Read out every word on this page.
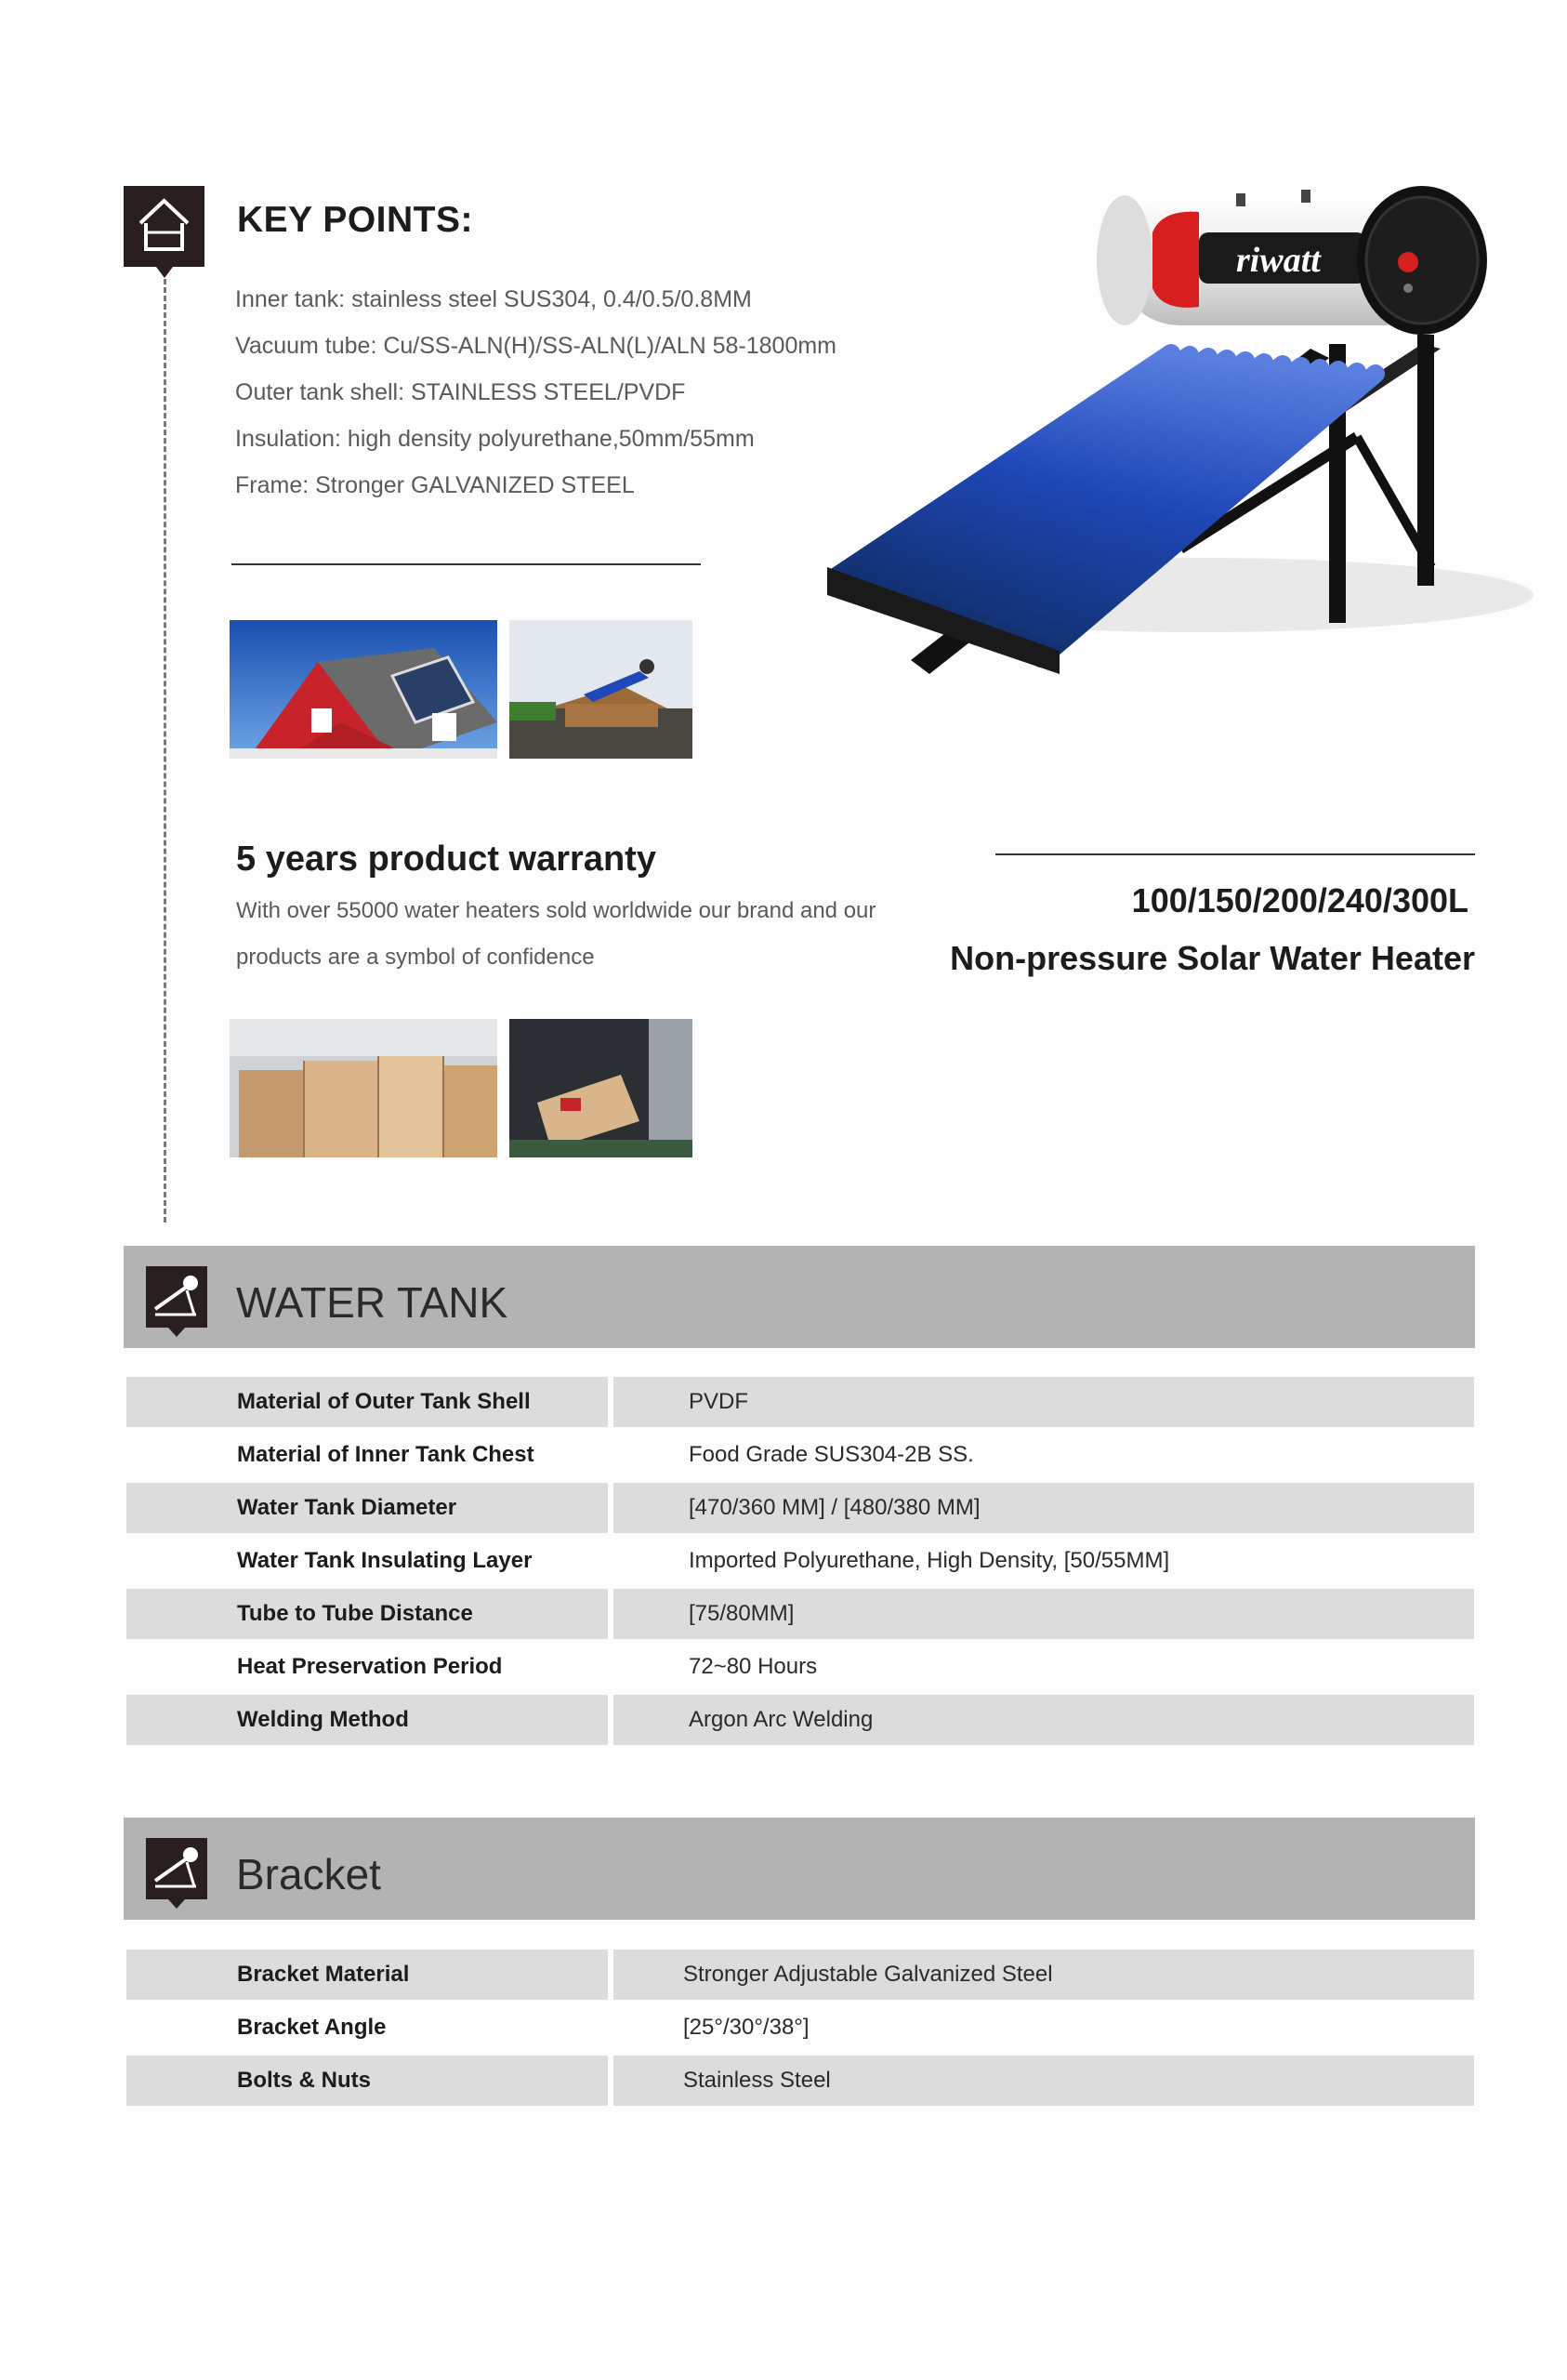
KEY POINTS:
Inner tank: stainless steel SUS304, 0.4/0.5/0.8MM
Vacuum tube: Cu/SS-ALN(H)/SS-ALN(L)/ALN 58-1800mm
Outer tank shell: STAINLESS STEEL/PVDF
Insulation: high density polyurethane,50mm/55mm
Frame: Stronger GALVANIZED STEEL
5 years product warranty
With over 55000 water heaters sold worldwide our brand and our products are a symbol of confidence
riwatt
100/150/200/240/300L
Non-pressure Solar Water Heater
WATER TANK
Material of Outer Tank Shell	PVDF
Material of Inner Tank Chest	Food Grade SUS304-2B SS.
Water Tank Diameter	[470/360 MM] / [480/380 MM]
Water Tank Insulating Layer	Imported Polyurethane, High Density, [50/55MM]
Tube to Tube Distance	[75/80MM]
Heat Preservation Period	72~80 Hours
Welding Method	Argon Arc Welding
Bracket
Bracket Material	Stronger Adjustable Galvanized Steel
Bracket Angle	[25°/30°/38°]
Bolts & Nuts	Stainless Steel
